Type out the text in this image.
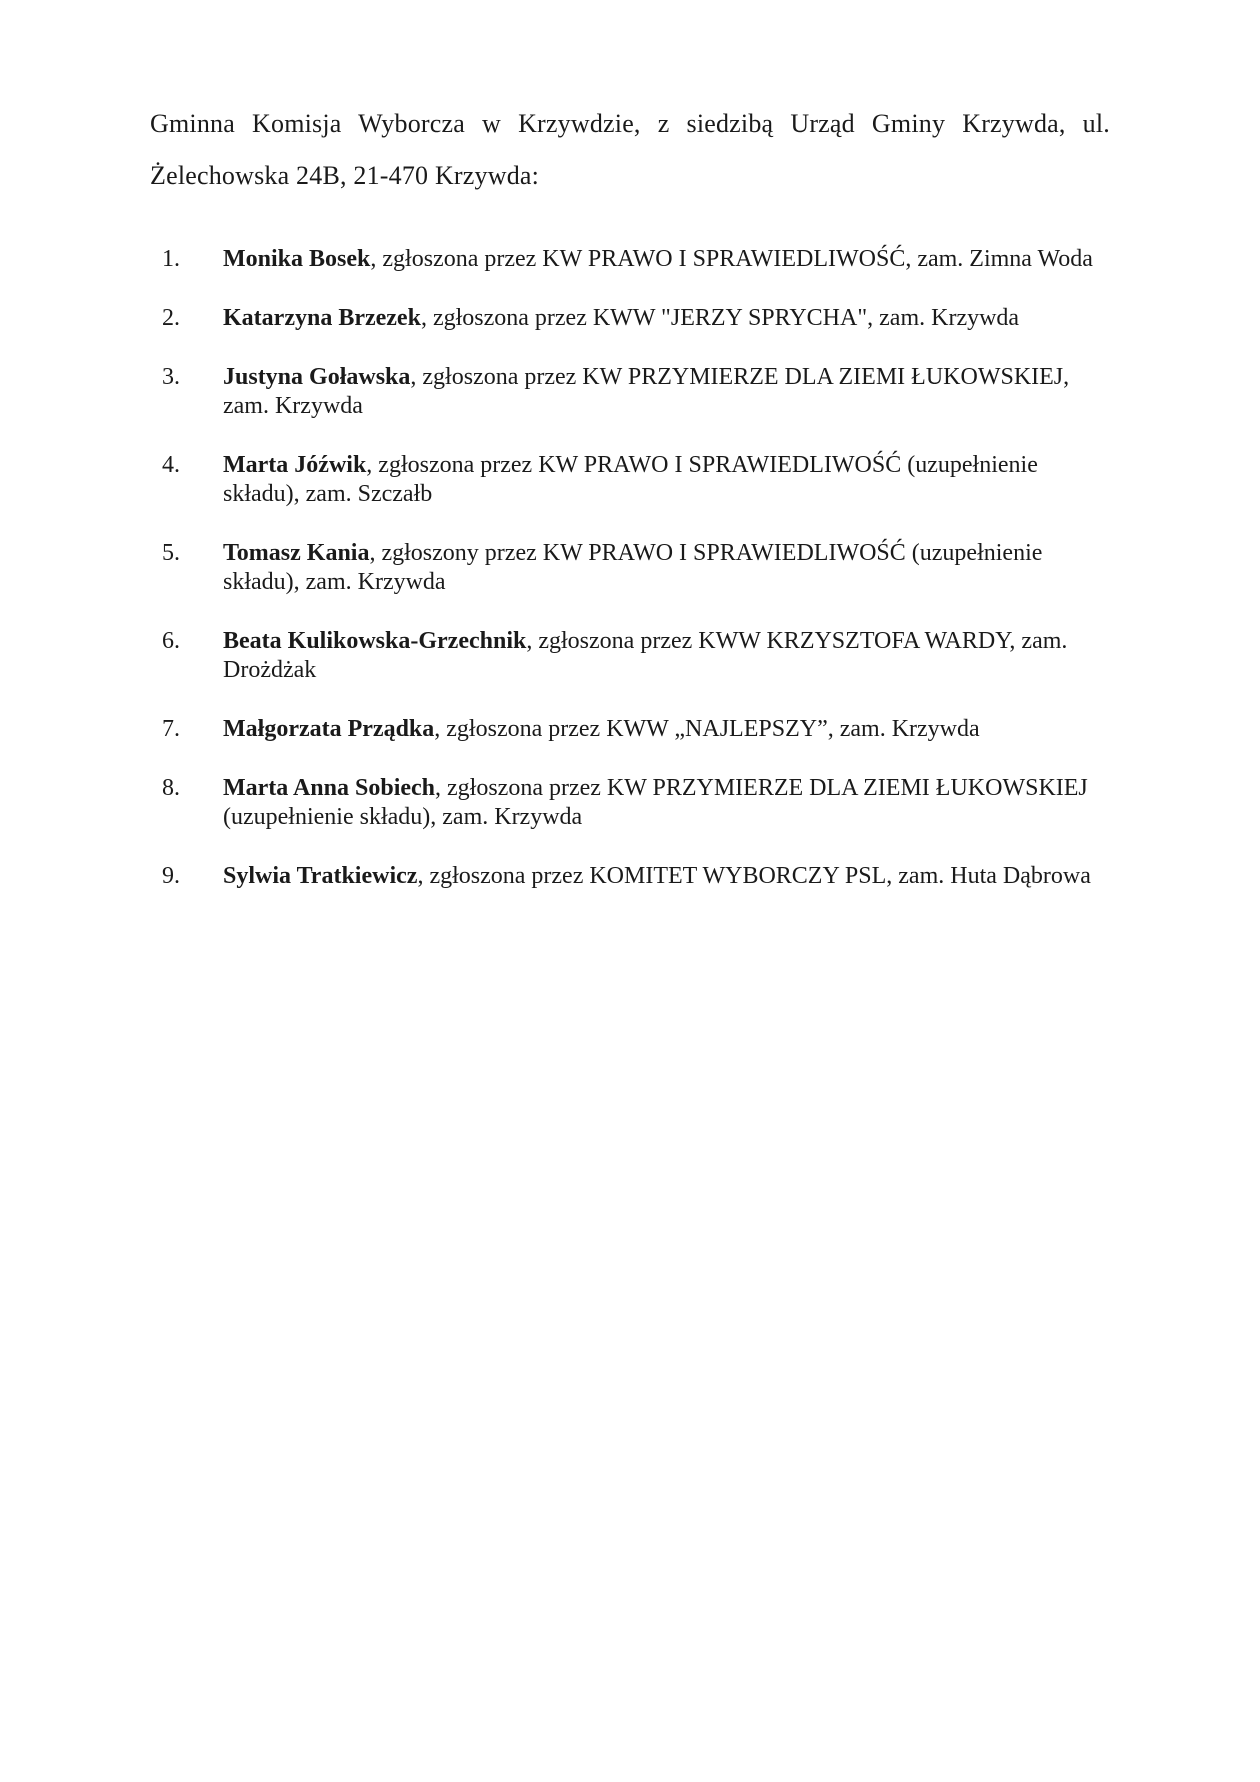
Gminna Komisja Wyborcza w Krzywdzie, z siedzibą Urząd Gminy Krzywda, ul. Żelechowska 24B, 21-470 Krzywda:

1. Monika Bosek, zgłoszona przez KW PRAWO I SPRAWIEDLIWOŚĆ, zam. Zimna Woda
2. Katarzyna Brzezek, zgłoszona przez KWW "JERZY SPRYCHA", zam. Krzywda
3. Justyna Goławska, zgłoszona przez KW PRZYMIERZE DLA ZIEMI ŁUKOWSKIEJ, zam. Krzywda
4. Marta Jóźwik, zgłoszona przez KW PRAWO I SPRAWIEDLIWOŚĆ (uzupełnienie składu), zam. Szczałb
5. Tomasz Kania, zgłoszony przez KW PRAWO I SPRAWIEDLIWOŚĆ (uzupełnienie składu), zam. Krzywda
6. Beata Kulikowska-Grzechnik, zgłoszona przez KWW KRZYSZTOFA WARDY, zam. Drożdżak
7. Małgorzata Prządka, zgłoszona przez KWW „NAJLEPSZY”, zam. Krzywda
8. Marta Anna Sobiech, zgłoszona przez KW PRZYMIERZE DLA ZIEMI ŁUKOWSKIEJ (uzupełnienie składu), zam. Krzywda
9. Sylwia Tratkiewicz, zgłoszona przez KOMITET WYBORCZY PSL, zam. Huta Dąbrowa
